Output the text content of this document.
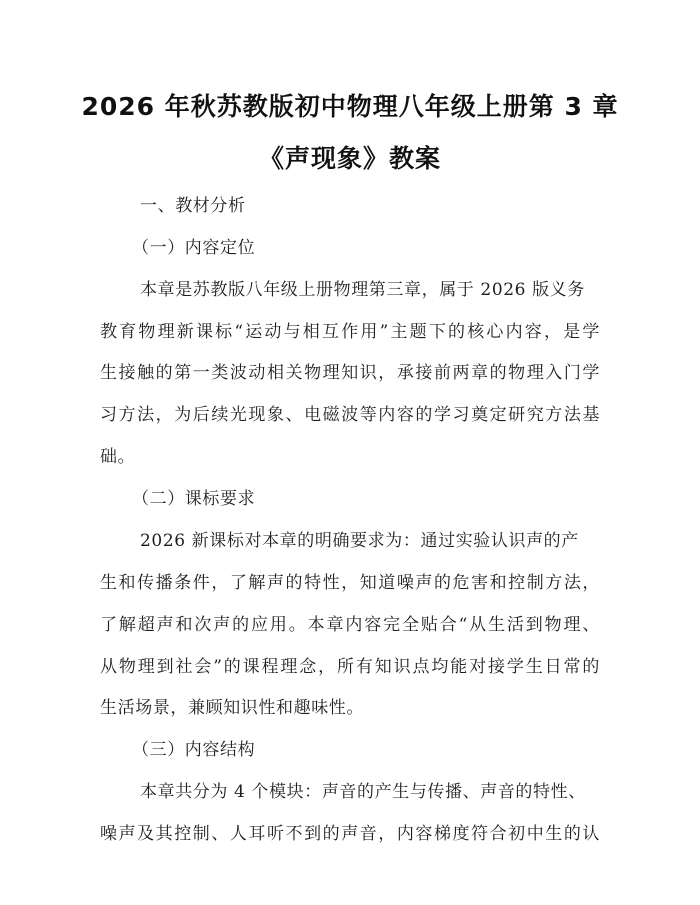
2026 年秋苏教版初中物理八年级上册第 3 章
《声现象》教案
一、教材分析
（一）内容定位
本章是苏教版八年级上册物理第三章，属于 2026 版义务
教育物理新课标“运动与相互作用”主题下的核心内容，是学
生接触的第一类波动相关物理知识，承接前两章的物理入门学
习方法，为后续光现象、电磁波等内容的学习奠定研究方法基
础。
（二）课标要求
2026 新课标对本章的明确要求为：通过实验认识声的产
生和传播条件，了解声的特性，知道噪声的危害和控制方法，
了解超声和次声的应用。本章内容完全贴合“从生活到物理、
从物理到社会”的课程理念，所有知识点均能对接学生日常的
生活场景，兼顾知识性和趣味性。
（三）内容结构
本章共分为 4 个模块：声音的产生与传播、声音的特性、
噪声及其控制、人耳听不到的声音，内容梯度符合初中生的认
